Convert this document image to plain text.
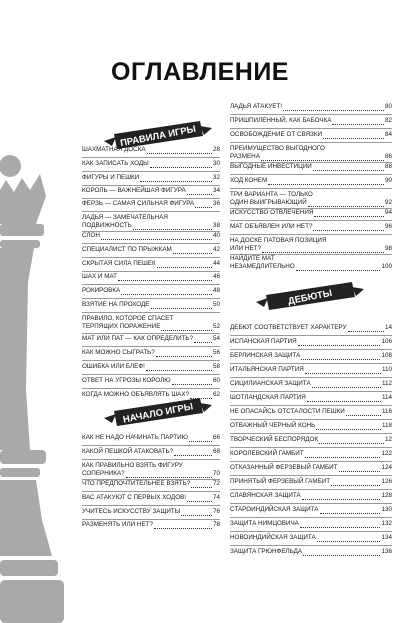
ОГЛАВЛЕНИЕ
ПРАВИЛА ИГРЫ
НАЧАЛО ИГРЫ
ДЕБЮТЫ
ШАХМАТНАЯ ДОСКА	28
КАК ЗАПИСАТЬ ХОДЫ	30
ФИГУРЫ И ПЕШКИ	32
КОРОЛЬ — ВАЖНЕЙШАЯ ФИГУРА	34
ФЕРЗЬ — САМАЯ СИЛЬНАЯ ФИГУРА	36
ЛАДЬЯ — ЗАМЕЧАТЕЛЬНАЯ
ПОДВИЖНОСТЬ	38
СЛОН	40
СПЕЦИАЛИСТ ПО ПРЫЖКАМ	42
СКРЫТАЯ СИЛА ПЕШЕК	44
ШАХ И МАТ	46
РОКИРОВКА	48
ВЗЯТИЕ НА ПРОХОДЕ	50
ПРАВИЛО, КОТОРОЕ СПАСЕТ
ТЕРПЯЩИХ ПОРАЖЕНИЕ	52
МАТ ИЛИ ПАТ — КАК ОПРЕДЕЛИТЬ?	54
КАК МОЖНО СЫГРАТЬ?	56
ОШИБКА ИЛИ БЛЕФ!	58
ОТВЕТ НА УГРОЗЫ КОРОЛЮ	60
КОГДА МОЖНО ОБЪЯВЛЯТЬ ШАХ?	62
КАК НЕ НАДО НАЧИНАТЬ ПАРТИЮ	66
КАКОЙ ПЕШКОЙ АТАКОВАТЬ?	68
КАК ПРАВИЛЬНО ВЗЯТЬ ФИГУРУ
СОПЕРНИКА?	70
ЧТО ПРЕДПОЧТИТЕЛЬНЕЕ ВЗЯТЬ?	72
ВАС АТАКУЮТ С ПЕРВЫХ ХОДОВ!	74
УЧИТЕСЬ ИСКУССТВУ ЗАЩИТЫ	76
РАЗМЕНЯТЬ ИЛИ НЕТ?	78
ЛАДЬЯ АТАКУЕТ!	80
ПРИШПИЛЕННЫЙ, КАК БАБОЧКА	82
ОСВОБОЖДЕНИЕ ОТ СВЯЗКИ	84
ПРЕИМУЩЕСТВО ВЫГОДНОГО
РАЗМЕНА	86
ВЫГОДНЫЕ ИНВЕСТИЦИИ	88
ХОД КОНЕМ	90
ТРИ ВАРИАНТА — ТОЛЬКО
ОДИН ВЫИГРЫВАЮЩИЙ	92
ИСКУССТВО ОТВЛЕЧЕНИЯ	94
МАТ ОБЪЯВЛЕН ИЛИ НЕТ?	96
НА ДОСКЕ ПАТОВАЯ ПОЗИЦИЯ
ИЛИ НЕТ?	98
НАЙДИТЕ МАТ
НЕЗАМЕДЛИТЕЛЬНО	100
ДЕБЮТ СООТВЕТСТВУЕТ ХАРАКТЕРУ	14
ИСПАНСКАЯ ПАРТИЯ	106
БЕРЛИНСКАЯ ЗАЩИТА	108
ИТАЛЬЯНСКАЯ ПАРТИЯ	110
СИЦИЛИАНСКАЯ ЗАЩИТА	112
ШОТЛАНДСКАЯ ПАРТИЯ	114
НЕ ОПАСАЙСЬ ОТСТАЛОСТИ ПЕШКИ	116
ОТВАЖНЫЙ ЧЕРНЫЙ КОНЬ	118
ТВОРЧЕСКИЙ БЕСПОРЯДОК	12
КОРОЛЕВСКИЙ ГАМБИТ	122
ОТКАЗАННЫЙ ФЕРЗЕВЫЙ ГАМБИТ	124
ПРИНЯТЫЙ ФЕРЗЕВЫЙ ГАМБИТ	126
СЛАВЯНСКАЯ ЗАЩИТА	128
СТАРОИНДИЙСКАЯ ЗАЩИТА	130
ЗАЩИТА НИМЦОВИЧА	132
НОВОИНДИЙСКАЯ ЗАЩИТА	134
ЗАЩИТА ГРЮНФЕЛЬДА	136
